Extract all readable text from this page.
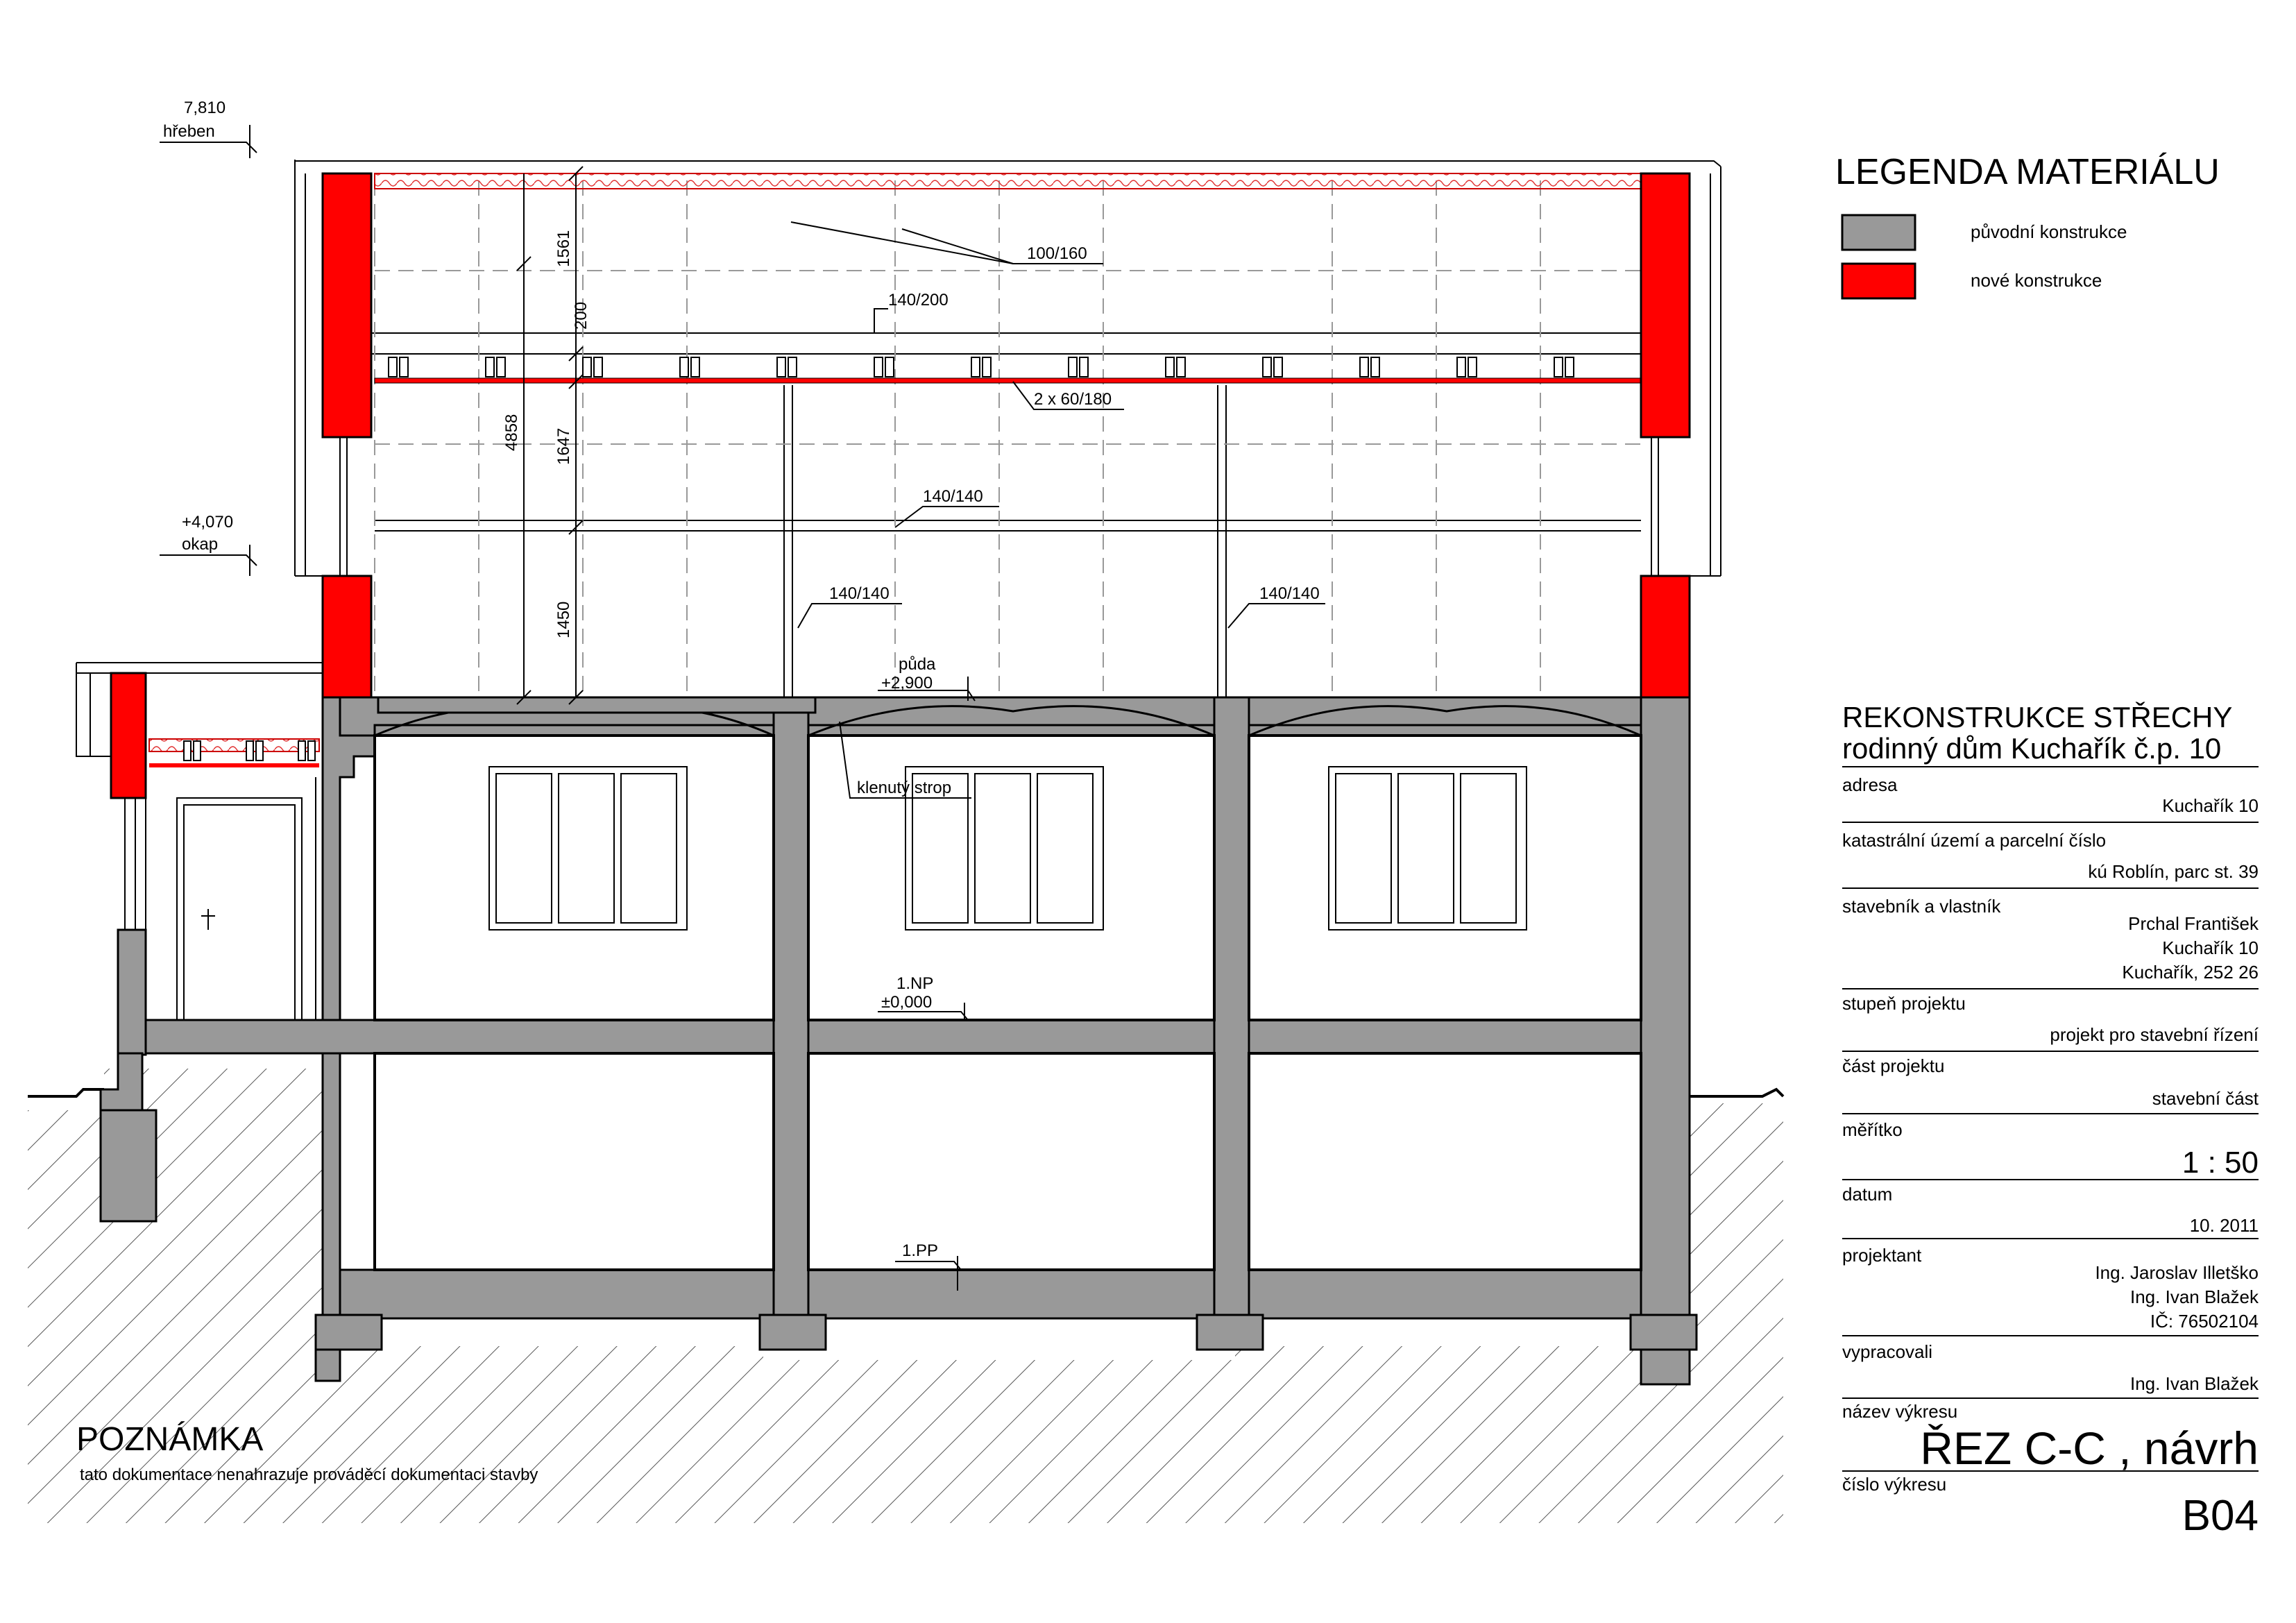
7,810
hřeben
+4,070
okap
půda
+2,900
1.NP
±0,000
1.PP
1561
200
4858 1647
1450
100/160
140/200
2 x 60/180
140/140
140/140	140/140
klenutý strop
LEGENDA MATERIÁLU
původní konstrukce
nové konstrukce
REKONSTRUKCE STŘECHY
rodinný dům Kuchařík č.p. 10
adresa
Kuchařík 10
katastrální území a parcelní číslo
kú Roblín, parc st. 39
stavebník a vlastník
Prchal František
Kuchařík 10
Kuchařík, 252 26
stupeň projektu
projekt pro stavební řízení
část projektu
stavební část
měřítko
1 : 50
datum
10. 2011
projektant
Ing. Jaroslav Illetško
Ing. Ivan Blažek
IČ: 76502104
vypracovali
Ing. Ivan Blažek
název výkresu
ŘEZ C-C , návrh
číslo výkresu
B04
POZNÁMKA
tato dokumentace nenahrazuje prováděcí dokumentaci stavby
